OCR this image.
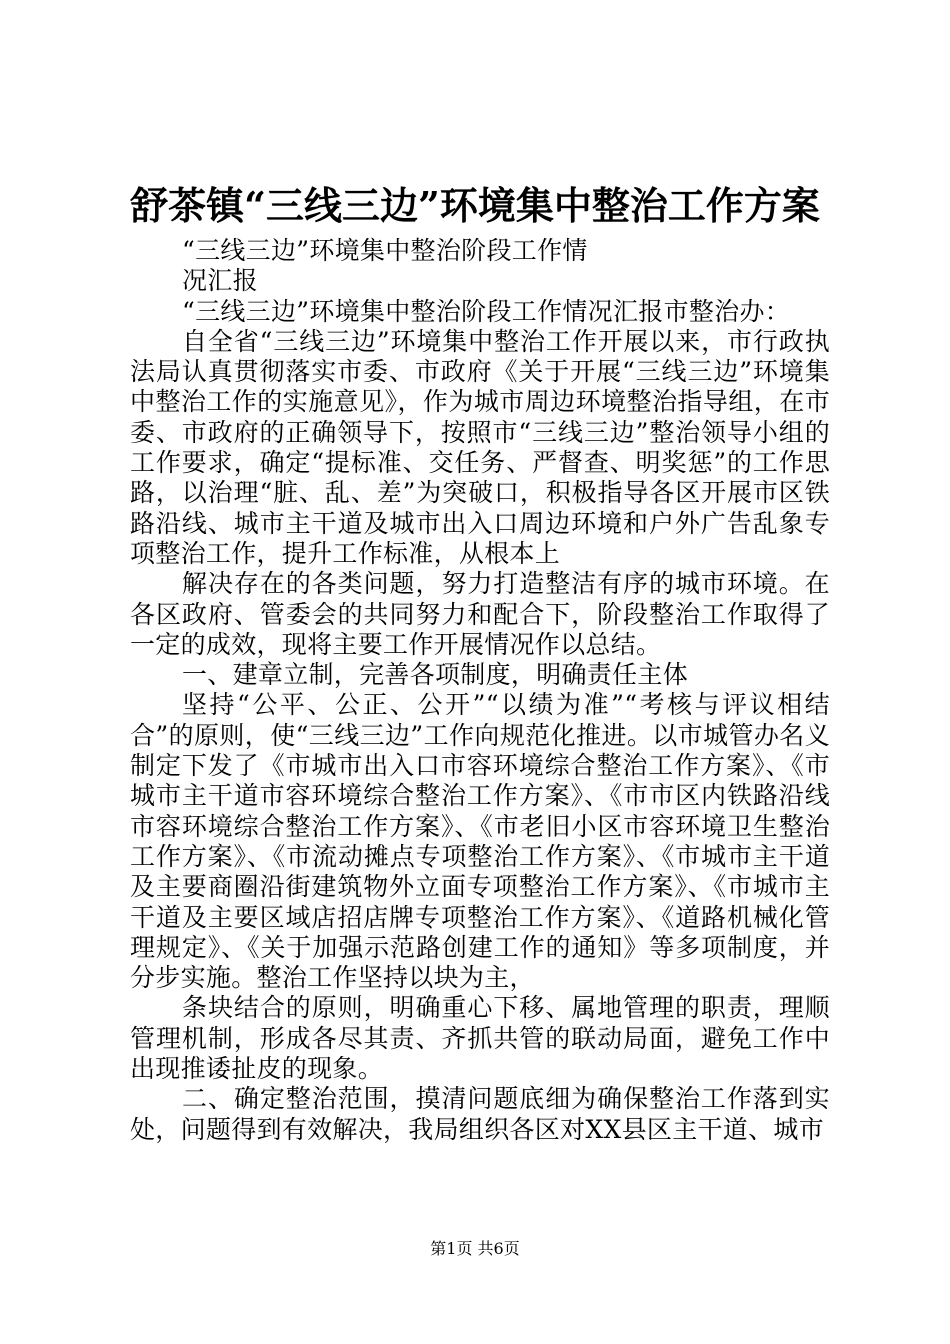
舒茶镇“三线三边”环境集中整治工作方案

“三线三边”环境集中整治阶段工作情

况汇报

“三线三边”环境集中整治阶段工作情况汇报市整治办：

自全省“三线三边”环境集中整治工作开展以来，市行政执法局认真贯彻落实市委、市政府《关于开展“三线三边”环境集中整治工作的实施意见》，作为城市周边环境整治指导组，在市委、市政府的正确领导下，按照市“三线三边”整治领导小组的工作要求，确定“提标准、交任务、严督查、明奖惩”的工作思路，以治理“脏、乱、差”为突破口，积极指导各区开展市区铁路沿线、城市主干道及城市出入口周边环境和户外广告乱象专项整治工作，提升工作标准，从根本上

解决存在的各类问题，努力打造整洁有序的城市环境。在各区政府、管委会的共同努力和配合下，阶段整治工作取得了一定的成效，现将主要工作开展情况作以总结。

一、建章立制，完善各项制度，明确责任主体

坚持“公平、公正、公开”“以绩为准”“考核与评议相结合”的原则，使“三线三边”工作向规范化推进。以市城管办名义制定下发了《市城市出入口市容环境综合整治工作方案》、《市城市主干道市容环境综合整治工作方案》、《市市区内铁路沿线市容环境综合整治工作方案》、《市老旧小区市容环境卫生整治工作方案》、《市流动摊点专项整治工作方案》、《市城市主干道及主要商圈沿街建筑物外立面专项整治工作方案》、《市城市主干道及主要区域店招店牌专项整治工作方案》、《道路机械化管理规定》、《关于加强示范路创建工作的通知》等多项制度，并分步实施。整治工作坚持以块为主，

条块结合的原则，明确重心下移、属地管理的职责，理顺管理机制，形成各尽其责、齐抓共管的联动局面，避免工作中出现推诿扯皮的现象。

二、确定整治范围，摸清问题底细为确保整治工作落到实处，问题得到有效解决，我局组织各区对XX县区主干道、城市

第1页 共6页
